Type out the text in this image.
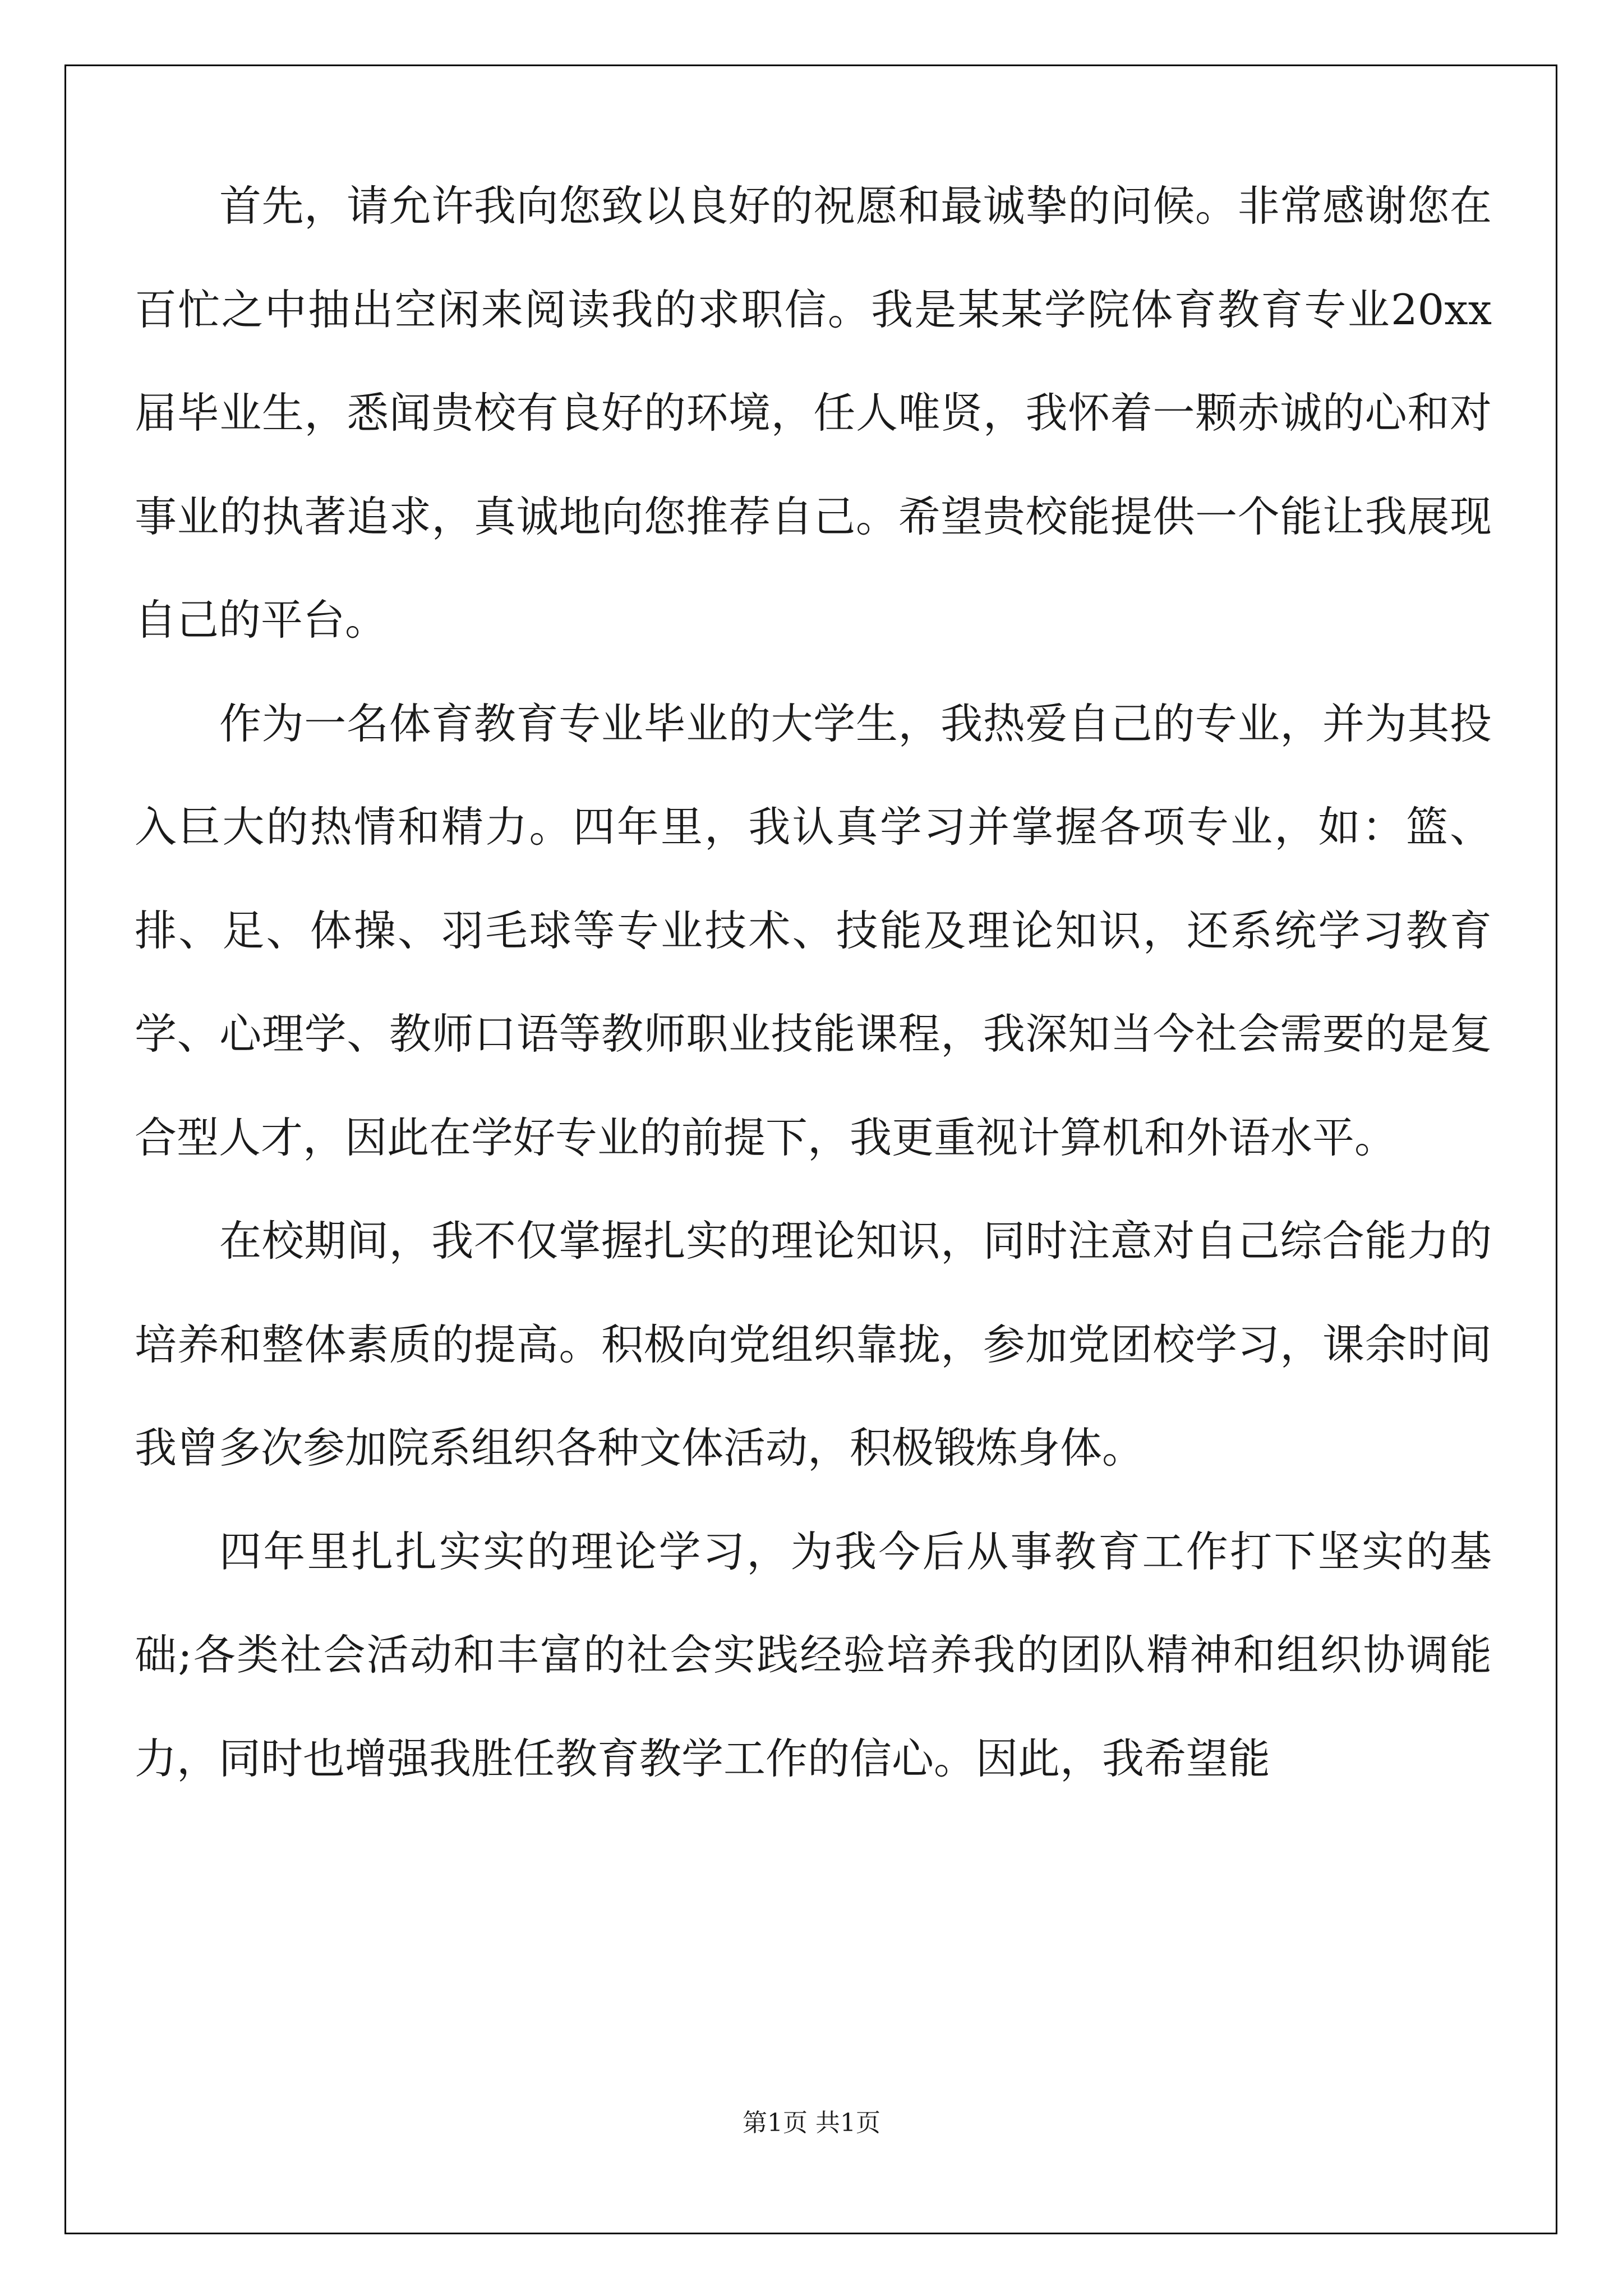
首先，请允许我向您致以良好的祝愿和最诚挚的问候。非常感谢您在百忙之中抽出空闲来阅读我的求职信。我是某某学院体育教育专业20xx届毕业生，悉闻贵校有良好的环境，任人唯贤，我怀着一颗赤诚的心和对事业的执著追求，真诚地向您推荐自己。希望贵校能提供一个能让我展现自己的平台。

作为一名体育教育专业毕业的大学生，我热爱自己的专业，并为其投入巨大的热情和精力。四年里，我认真学习并掌握各项专业，如：篮、排、足、体操、羽毛球等专业技术、技能及理论知识，还系统学习教育学、心理学、教师口语等教师职业技能课程，我深知当今社会需要的是复合型人才，因此在学好专业的前提下，我更重视计算机和外语水平。

在校期间，我不仅掌握扎实的理论知识，同时注意对自己综合能力的培养和整体素质的提高。积极向党组织靠拢，参加党团校学习，课余时间我曾多次参加院系组织各种文体活动，积极锻炼身体。

四年里扎扎实实的理论学习，为我今后从事教育工作打下坚实的基础;各类社会活动和丰富的社会实践经验培养我的团队精神和组织协调能力，同时也增强我胜任教育教学工作的信心。因此，我希望能

第1页 共1页
